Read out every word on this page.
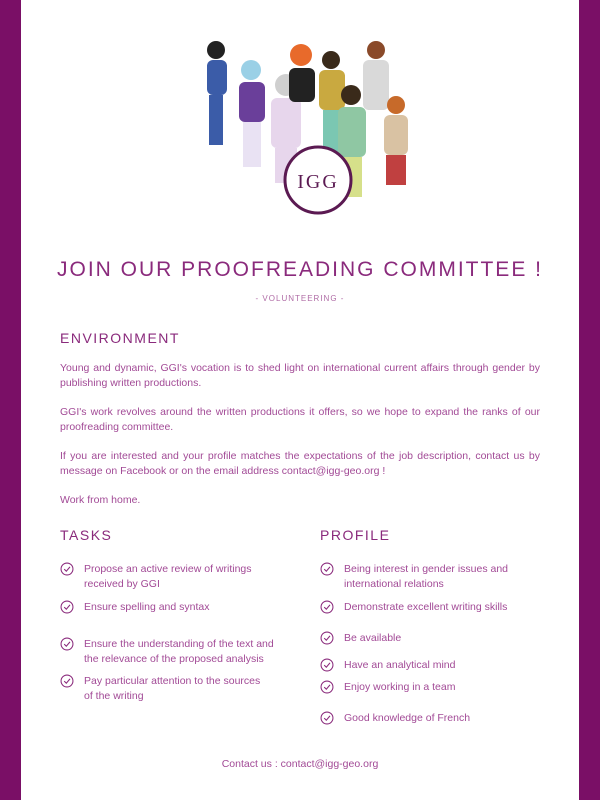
IGG
JOIN OUR PROOFREADING COMMITTEE !
- VOLUNTEERING -
ENVIRONMENT
Young and dynamic, GGI's vocation is to shed light on international current affairs through gender by publishing written productions.
GGI's work revolves around the written productions it offers, so we hope to expand the ranks of our proofreading committee.
If you are interested and your profile matches the expectations of the job description, contact us by message on Facebook or on the email address contact@igg-geo.org !
Work from home.
TASKS
Propose an active review of writings received by GGI
Ensure spelling and syntax
Ensure the understanding of the text and the relevance of the proposed analysis
Pay particular attention to the sources of the writing
PROFILE
Being interest in gender issues and international relations
Demonstrate excellent writing skills
Be available
Have an analytical mind
Enjoy working in a team
Good knowledge of French
Contact us : contact@igg-geo.org
